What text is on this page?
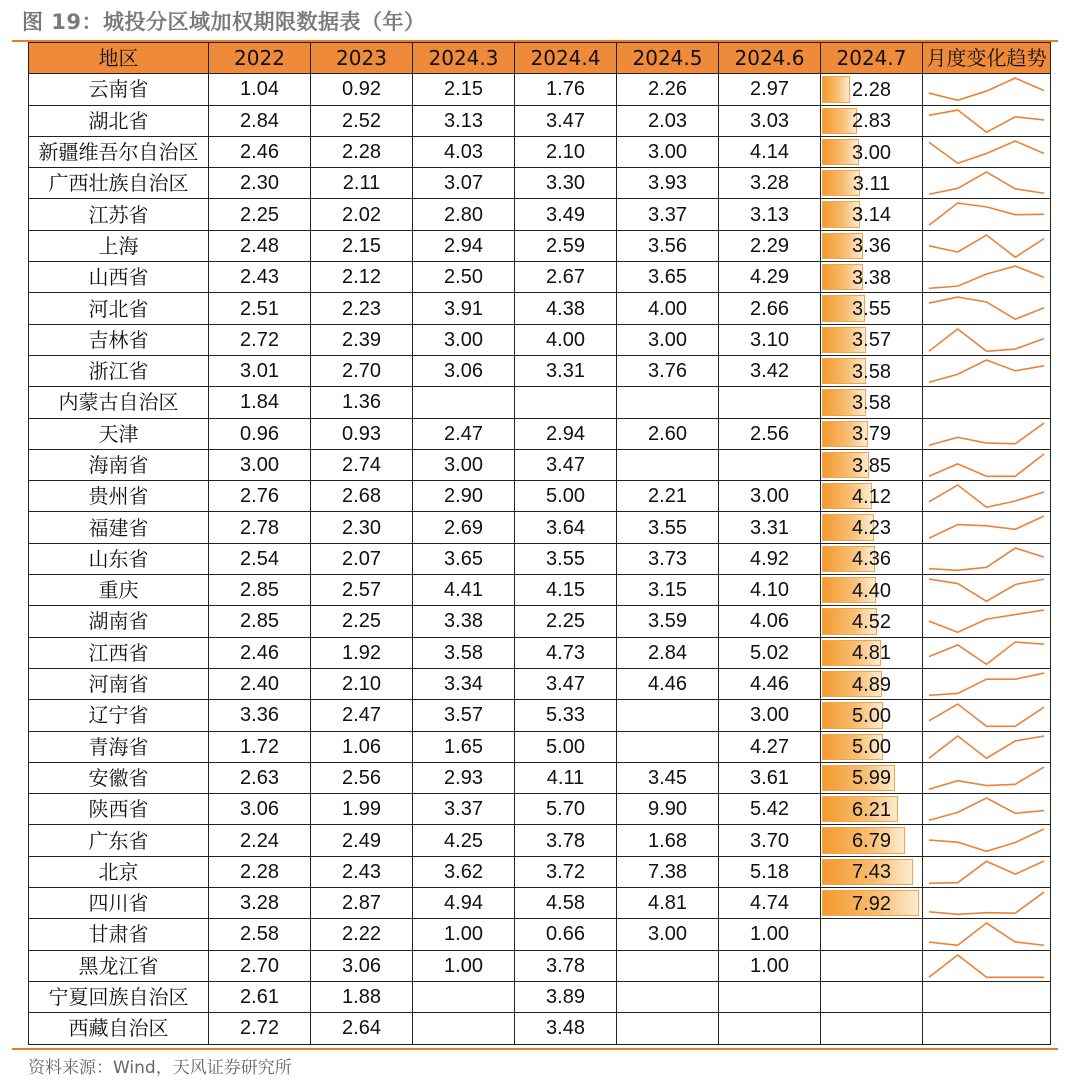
图 19：城投分区域加权期限数据表（年）
地区	2022	2023	2024.3	2024.4	2024.5	2024.6	2024.7	月度变化趋势
云南省	1.04	0.92	2.15	1.76	2.26	2.97	2.28	

湖北省	2.84	2.52	3.13	3.47	2.03	3.03	2.83	

新疆维吾尔自治区	2.46	2.28	4.03	2.10	3.00	4.14	3.00	

广西壮族自治区	2.30	2.11	3.07	3.30	3.93	3.28	3.11	

江苏省	2.25	2.02	2.80	3.49	3.37	3.13	3.14	

上海	2.48	2.15	2.94	2.59	3.56	2.29	3.36	

山西省	2.43	2.12	2.50	2.67	3.65	4.29	3.38	

河北省	2.51	2.23	3.91	4.38	4.00	2.66	3.55	

吉林省	2.72	2.39	3.00	4.00	3.00	3.10	3.57	

浙江省	3.01	2.70	3.06	3.31	3.76	3.42	3.58	

内蒙古自治区	1.84	1.36					3.58	

天津	0.96	0.93	2.47	2.94	2.60	2.56	3.79	

海南省	3.00	2.74	3.00	3.47			3.85	

贵州省	2.76	2.68	2.90	5.00	2.21	3.00	4.12	

福建省	2.78	2.30	2.69	3.64	3.55	3.31	4.23	

山东省	2.54	2.07	3.65	3.55	3.73	4.92	4.36	

重庆	2.85	2.57	4.41	4.15	3.15	4.10	4.40	

湖南省	2.85	2.25	3.38	2.25	3.59	4.06	4.52	

江西省	2.46	1.92	3.58	4.73	2.84	5.02	4.81	

河南省	2.40	2.10	3.34	3.47	4.46	4.46	4.89	

辽宁省	3.36	2.47	3.57	5.33		3.00	5.00	

青海省	1.72	1.06	1.65	5.00		4.27	5.00	

安徽省	2.63	2.56	2.93	4.11	3.45	3.61	5.99	

陕西省	3.06	1.99	3.37	5.70	9.90	5.42	6.21	

广东省	2.24	2.49	4.25	3.78	1.68	3.70	6.79	

北京	2.28	2.43	3.62	3.72	7.38	5.18	7.43	

四川省	3.28	2.87	4.94	4.58	4.81	4.74	7.92	

甘肃省	2.58	2.22	1.00	0.66	3.00	1.00		

黑龙江省	2.70	3.06	1.00	3.78		1.00		

宁夏回族自治区	2.61	1.88		3.89				

西藏自治区	2.72	2.64		3.48				
资料来源：Wind，天风证券研究所
